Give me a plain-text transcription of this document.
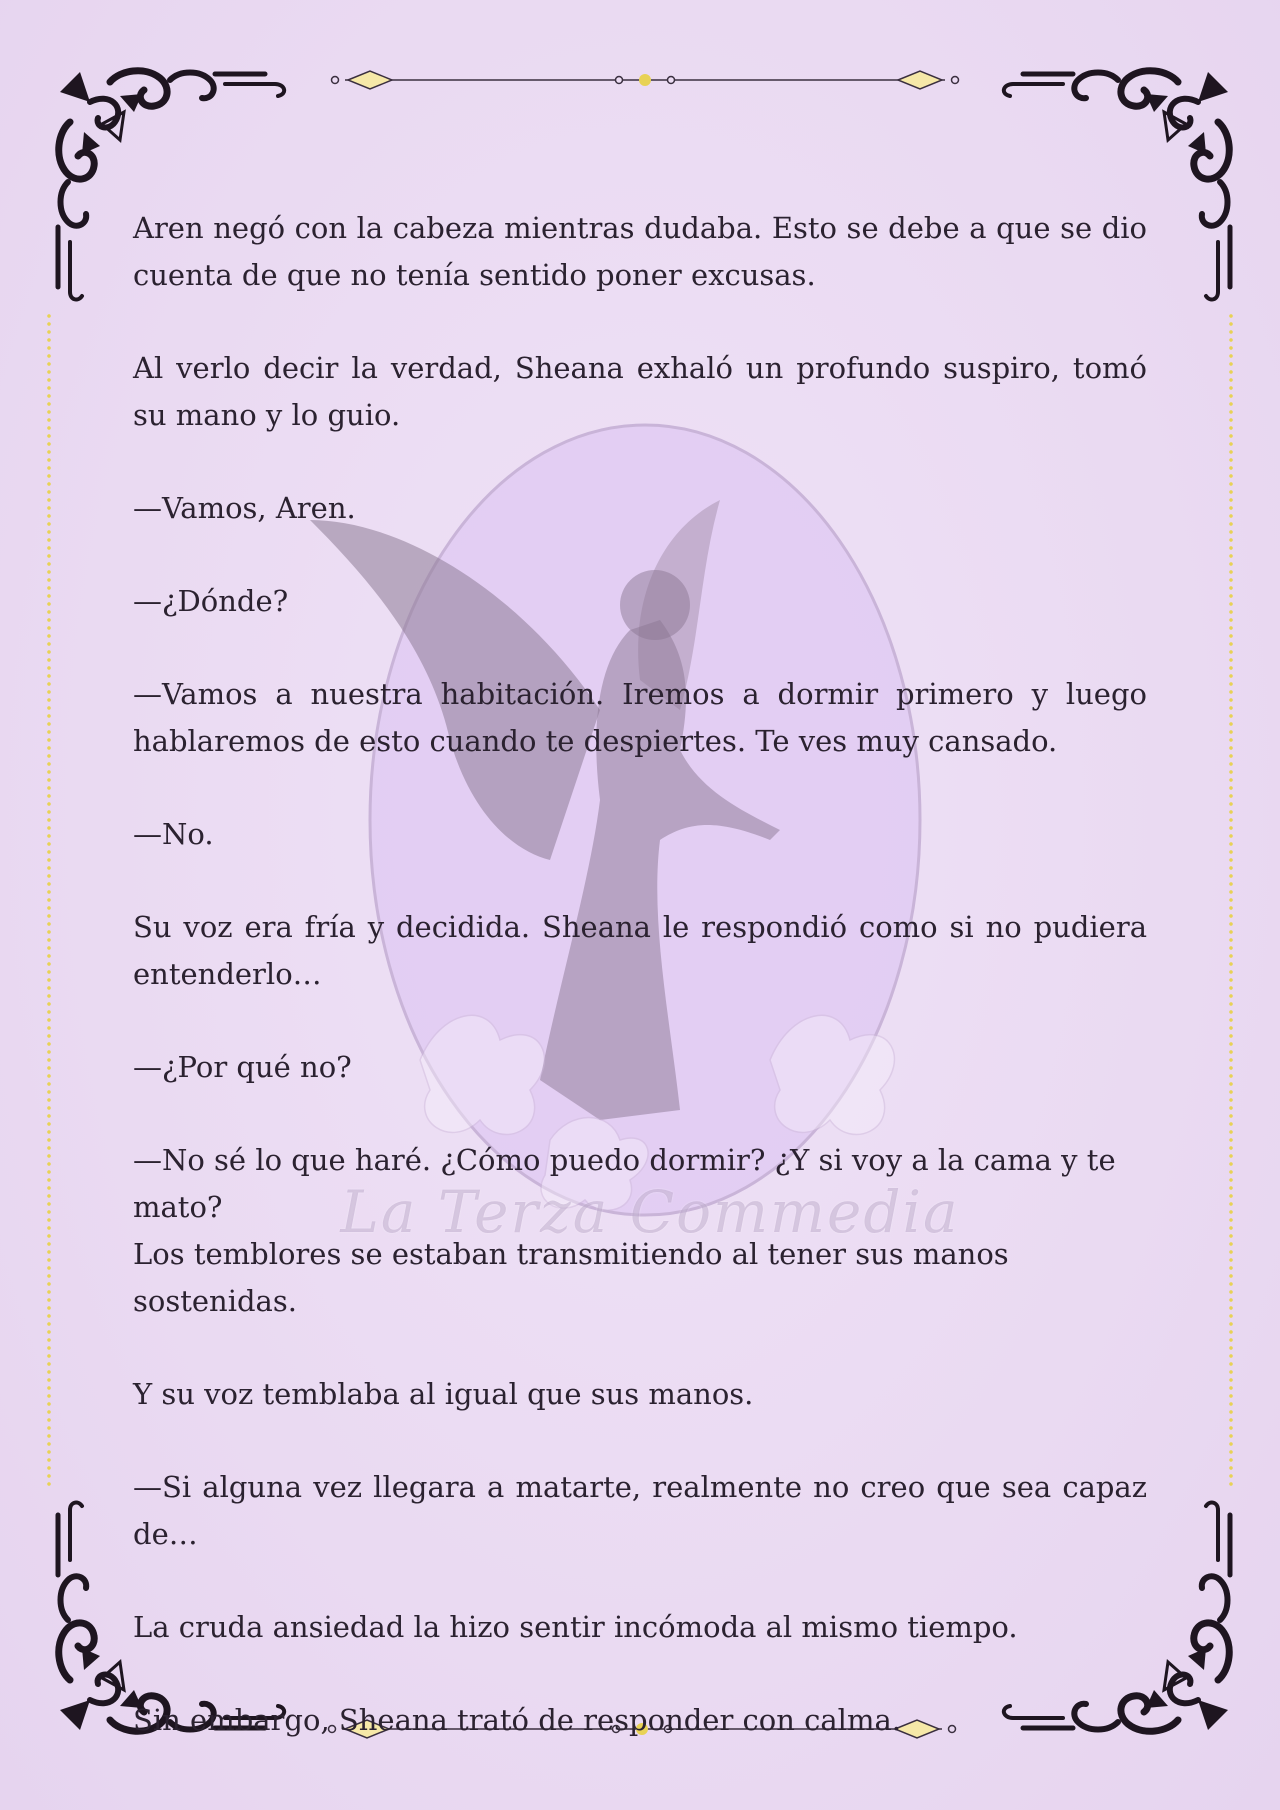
La Terza Commedia

Aren negó con la cabeza mientras dudaba. Esto se debe a que se dio cuenta de que no tenía sentido poner excusas.

Al verlo decir la verdad, Sheana exhaló un profundo suspiro, tomó su mano y lo guio.

—Vamos, Aren.

—¿Dónde?

—Vamos a nuestra habitación. Iremos a dormir primero y luego hablaremos de esto cuando te despiertes. Te ves muy cansado.

—No.

Su voz era fría y decidida. Sheana le respondió como si no pudiera entenderlo…

—¿Por qué no?

—No sé lo que haré. ¿Cómo puedo dormir? ¿Y si voy a la cama y te mato?
Los temblores se estaban transmitiendo al tener sus manos sostenidas.

Y su voz temblaba al igual que sus manos.

—Si alguna vez llegara a matarte, realmente no creo que sea capaz de…

La cruda ansiedad la hizo sentir incómoda al mismo tiempo.

Sin embargo, Sheana trató de responder con calma.
